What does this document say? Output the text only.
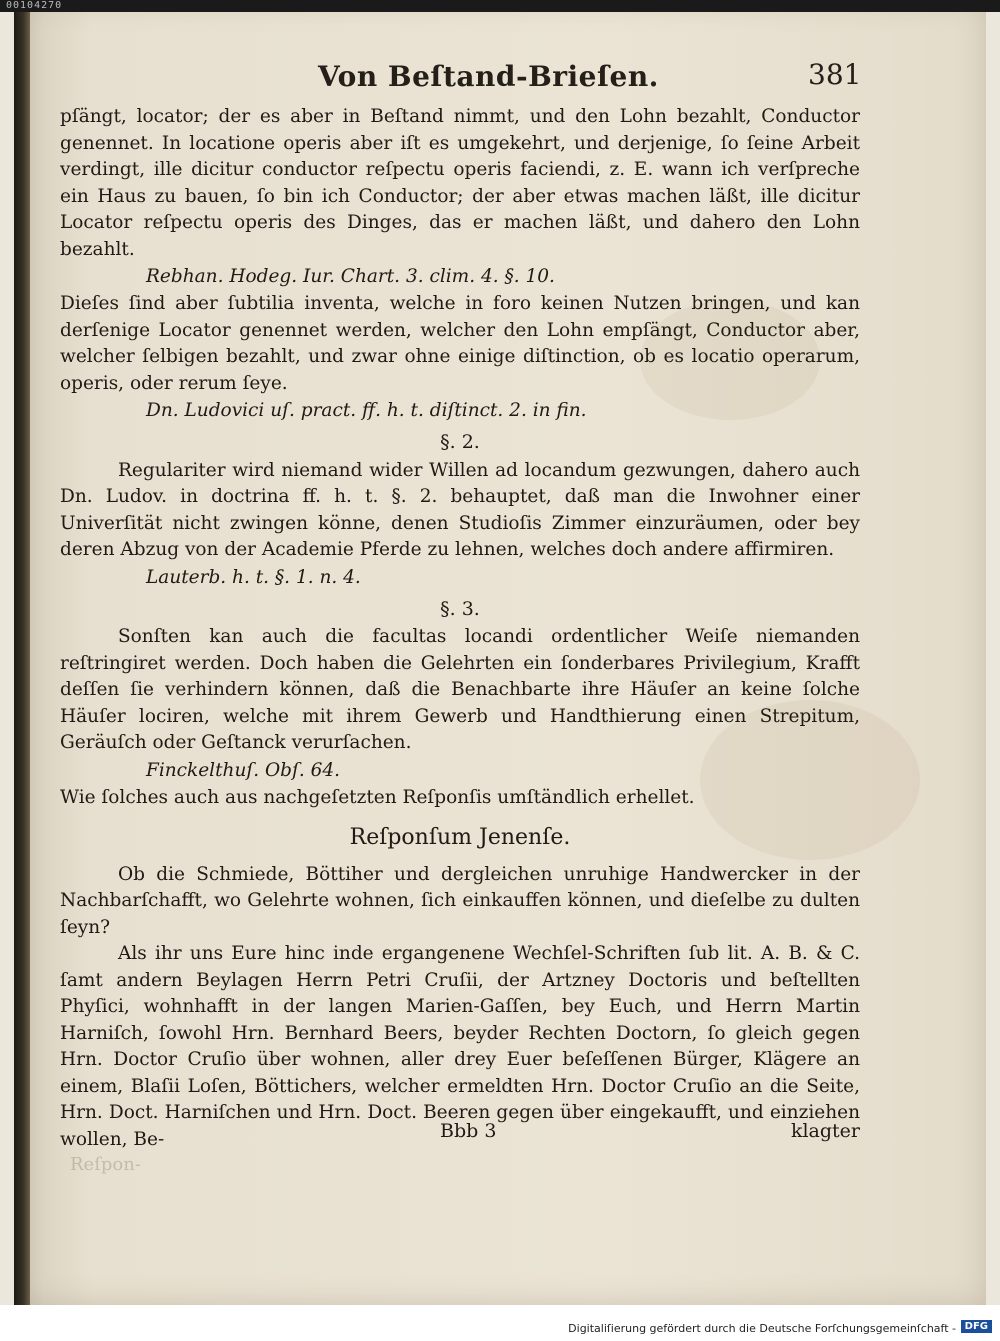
00104270
Reſpon-
Von Beſtand-Brieſen.	381

pſängt, locator; der es aber in Beſtand nimmt, und den Lohn bezahlt, Conductor genennet. In locatione operis aber iſt es umgekehrt, und derjenige, ſo ſeine Arbeit verdingt, ille dicitur conductor reſpectu operis faciendi, z. E. wann ich verſpreche ein Haus zu bauen, ſo bin ich Conductor; der aber etwas machen läßt, ille dicitur Locator reſpectu operis des Dinges, das er machen läßt, und dahero den Lohn bezahlt.

Rebhan. Hodeg. Iur. Chart. 3. clim. 4. §. 10.

Dieſes ſind aber ſubtilia inventa, welche in foro keinen Nutzen bringen, und kan derſenige Locator genennet werden, welcher den Lohn empſängt, Conductor aber, welcher ſelbigen bezahlt, und zwar ohne einige diſtinction, ob es locatio operarum, operis, oder rerum ſeye.

Dn. Ludovici uſ. pract. ff. h. t. diſtinct. 2. in fin.

§. 2.

Regulariter wird niemand wider Willen ad locandum gezwungen, dahero auch Dn. Ludov. in doctrina ff. h. t. §. 2. behauptet, daß man die Inwohner einer Univerſität nicht zwingen könne, denen Studioſis Zimmer einzuräumen, oder bey deren Abzug von der Academie Pferde zu lehnen, welches doch andere affirmiren.

Lauterb. h. t. §. 1. n. 4.

§. 3.

Sonſten kan auch die facultas locandi ordentlicher Weiſe niemanden reſtringiret werden. Doch haben die Gelehrten ein ſonderbares Privilegium, Krafft deſſen ſie verhindern können, daß die Benachbarte ihre Häuſer an keine ſolche Häuſer lociren, welche mit ihrem Gewerb und Handthierung einen Strepitum, Geräuſch oder Geſtanck verurſachen.

Finckelthuſ. Obſ. 64.

Wie ſolches auch aus nachgeſetzten Reſponſis umſtändlich erhellet.

Reſponſum Jenenſe.

Ob die Schmiede, Böttiher und dergleichen unruhige Handwercker in der Nachbarſchafft, wo Gelehrte wohnen, ſich einkauffen können, und dieſelbe zu dulten ſeyn?

Als ihr uns Eure hinc inde ergangenene Wechſel-Schriften ſub lit. A. B. & C. ſamt andern Beylagen Herrn Petri Cruſii, der Artzney Doctoris und beſtellten Phyſici, wohnhafft in der langen Marien-Gaſſen, bey Euch, und Herrn Martin Harniſch, ſowohl Hrn. Bernhard Beers, beyder Rechten Doctorn, ſo gleich gegen Hrn. Doctor Cruſio über wohnen, aller drey Euer beſeſſenen Bürger, Klägere an einem, Blaſii Loſen, Böttichers, welcher ermeldten Hrn. Doctor Cruſio an die Seite, Hrn. Doct. Harniſchen und Hrn. Doct. Beeren gegen über eingekaufft, und einziehen wollen, Be-	Bbb 3	klagter
Digitaliſierung gefördert durch die Deutsche Forſchungsgemeinſchaft - DFG
